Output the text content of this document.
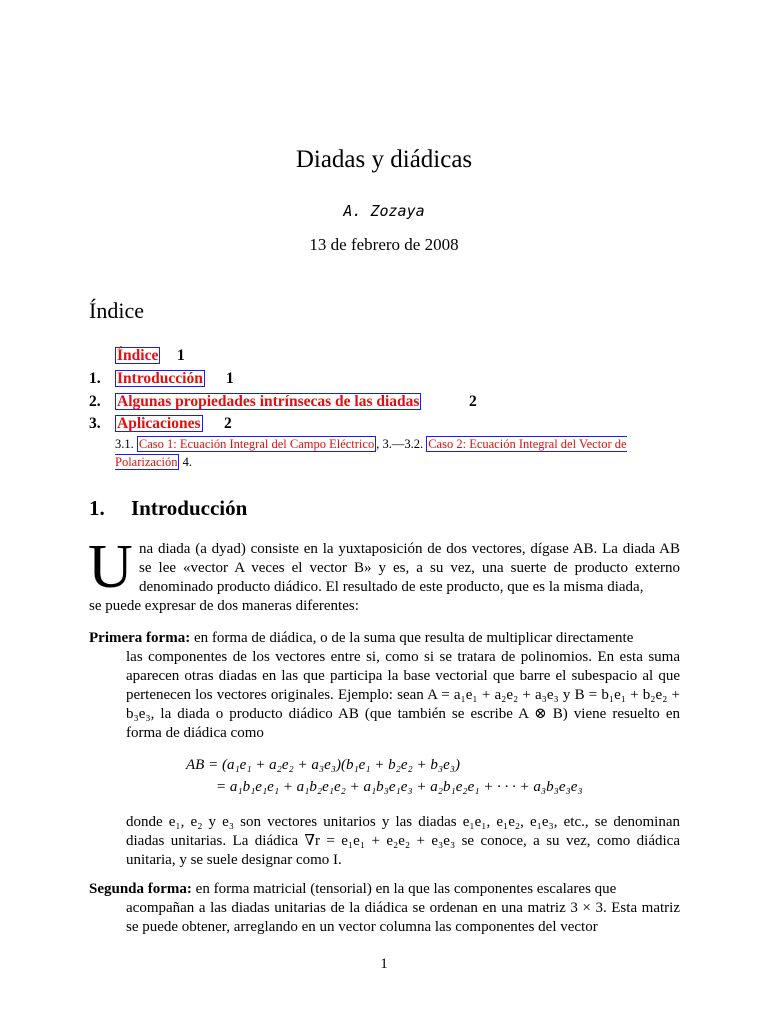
Diadas y diádicas
A. Zozaya
13 de febrero de 2008
Índice
Índice 1
1. Introducción 1
2. Algunas propiedades intrínsecas de las diadas	2
3. Aplicaciones 2
3.1. Caso 1: Ecuación Integral del Campo Eléctrico , 3.—3.2. Caso 2: Ecuación Integral del Vector de Polarización 4.
1. Introducción
U na diada (a dyad) consiste en la yuxtaposición de dos vectores, dígase AB. La diada AB se lee «vector A veces el vector B» y es, a su vez, una suerte de producto externo denominado producto diádico. El resultado de este producto, que es la misma diada,
se puede expresar de dos maneras diferentes:
Primera forma: en forma de diádica, o de la suma que resulta de multiplicar directamente
las componentes de los vectores entre si, como si se tratara de polinomios. En esta suma aparecen otras diadas en las que participa la base vectorial que barre el subespacio al que pertenecen los vectores originales. Ejemplo: sean A = a₁e₁ + a₂e₂ + a₃e₃ y B = b₁e₁ + b₂e₂ + b₃e₃, la diada o producto diádico AB (que también se escribe A ⊗ B) viene resuelto en forma de diádica como
AB = (a₁e₁ + a₂e₂ + a₃e₃)(b₁e₁ + b₂e₂ + b₃e₃)
= a₁b₁e₁e₁ + a₁b₂e₁e₂ + a₁b₃e₁e₃ + a₂b₁e₂e₁ + · · · + a₃b₃e₃e₃
donde e₁, e₂ y e₃ son vectores unitarios y las diadas e₁e₁, e₁e₂, e₁e₃, etc., se denominan diadas unitarias. La diádica ∇r = e₁e₁ + e₂e₂ + e₃e₃ se conoce, a su vez, como diádica unitaria, y se suele designar como I.
Segunda forma: en forma matricial (tensorial) en la que las componentes escalares que
acompañan a las diadas unitarias de la diádica se ordenan en una matriz 3 × 3. Esta matriz se puede obtener, arreglando en un vector columna las componentes del vector
1
